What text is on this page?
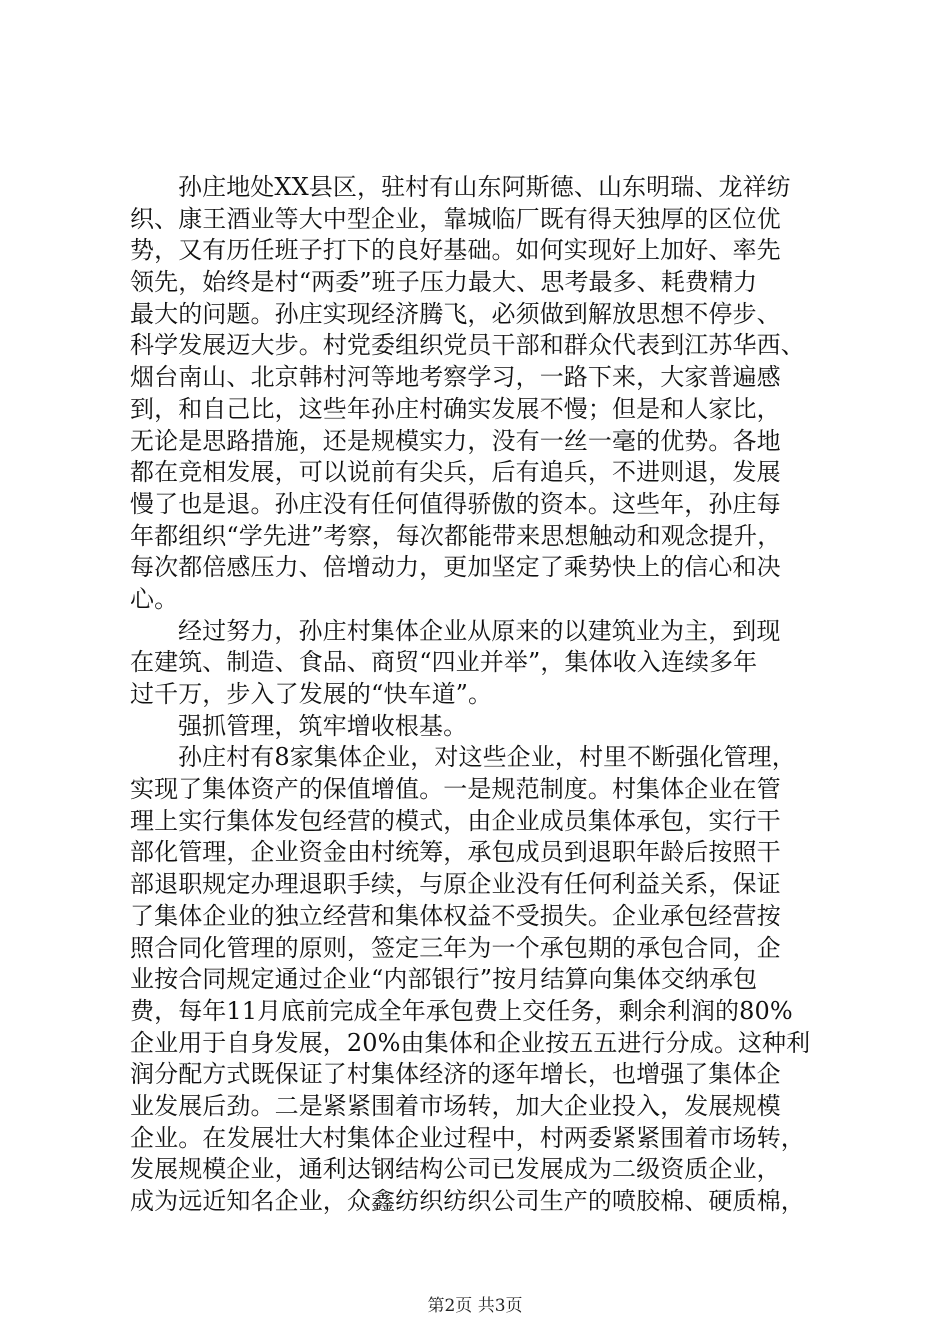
孙庄地处XX县区，驻村有山东阿斯德、山东明瑞、龙祥纺
织、康王酒业等大中型企业，靠城临厂既有得天独厚的区位优
势，又有历任班子打下的良好基础。如何实现好上加好、率先
领先，始终是村“两委”班子压力最大、思考最多、耗费精力
最大的问题。孙庄实现经济腾飞，必须做到解放思想不停步、
科学发展迈大步。村党委组织党员干部和群众代表到江苏华西、
烟台南山、北京韩村河等地考察学习，一路下来，大家普遍感
到，和自己比，这些年孙庄村确实发展不慢；但是和人家比，
无论是思路措施，还是规模实力，没有一丝一毫的优势。各地
都在竞相发展，可以说前有尖兵，后有追兵，不进则退，发展
慢了也是退。孙庄没有任何值得骄傲的资本。这些年，孙庄每
年都组织“学先进”考察，每次都能带来思想触动和观念提升，
每次都倍感压力、倍增动力，更加坚定了乘势快上的信心和决
心。
经过努力，孙庄村集体企业从原来的以建筑业为主，到现
在建筑、制造、食品、商贸“四业并举”，集体收入连续多年
过千万，步入了发展的“快车道”。
强抓管理，筑牢增收根基。
孙庄村有8家集体企业，对这些企业，村里不断强化管理，
实现了集体资产的保值增值。一是规范制度。村集体企业在管
理上实行集体发包经营的模式，由企业成员集体承包，实行干
部化管理，企业资金由村统筹，承包成员到退职年龄后按照干
部退职规定办理退职手续，与原企业没有任何利益关系，保证
了集体企业的独立经营和集体权益不受损失。企业承包经营按
照合同化管理的原则，签定三年为一个承包期的承包合同，企
业按合同规定通过企业“内部银行”按月结算向集体交纳承包
费，每年11月底前完成全年承包费上交任务，剩余利润的80%
企业用于自身发展，20%由集体和企业按五五进行分成。这种利
润分配方式既保证了村集体经济的逐年增长，也增强了集体企
业发展后劲。二是紧紧围着市场转，加大企业投入，发展规模
企业。在发展壮大村集体企业过程中，村两委紧紧围着市场转，
发展规模企业，通利达钢结构公司已发展成为二级资质企业，
成为远近知名企业，众鑫纺织纺织公司生产的喷胶棉、硬质棉，
第2页 共3页
